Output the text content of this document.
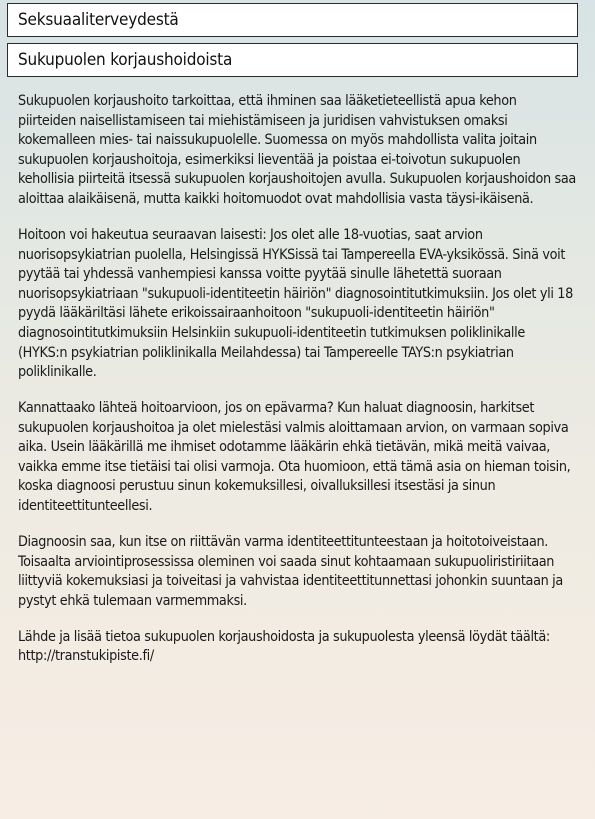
Seksuaaliterveydestä
Sukupuolen korjaushoidoista

Sukupuolen korjaushoito tarkoittaa, että ihminen saa lääketieteellistä apua kehon piirteiden naisellistamiseen tai miehistämiseen ja juridisen vahvistuksen omaksi kokemalleen mies- tai naissukupuolelle. Suomessa on myös mahdollista valita joitain sukupuolen korjaushoitoja, esimerkiksi lieventää ja poistaa ei-toivotun sukupuolen kehollisia piirteitä itsessä sukupuolen korjaushoitojen avulla. Sukupuolen korjaushoidon saa aloittaa alaikäisenä, mutta kaikki hoitomuodot ovat mahdollisia vasta täysi-ikäisenä.

Hoitoon voi hakeutua seuraavan laisesti: Jos olet alle 18-vuotias, saat arvion nuorisopsykiatrian puolella, Helsingissä HYKSissä tai Tampereella EVA-yksikössä. Sinä voit pyytää tai yhdessä vanhempiesi kanssa voitte pyytää sinulle lähetettä suoraan nuorisopsykiatriaan "sukupuoli-identiteetin häiriön" diagnosointitutkimuksiin. Jos olet yli 18 pyydä lääkäriltäsi lähete erikoissairaanhoitoon "sukupuoli-identiteetin häiriön" diagnosointitutkimuksiin Helsinkiin sukupuoli-identiteetin tutkimuksen poliklinikalle (HYKS:n psykiatrian poliklinikalla Meilahdessa) tai Tampereelle TAYS:n psykiatrian poliklinikalle.

Kannattaako lähteä hoitoarvioon, jos on epävarma? Kun haluat diagnoosin, harkitset sukupuolen korjaushoitoa ja olet mielestäsi valmis aloittamaan arvion, on varmaan sopiva aika. Usein lääkärillä me ihmiset odotamme lääkärin ehkä tietävän, mikä meitä vaivaa, vaikka emme itse tietäisi tai olisi varmoja. Ota huomioon, että tämä asia on hieman toisin, koska diagnoosi perustuu sinun kokemuksillesi, oivalluksillesi itsestäsi ja sinun identiteettitunteellesi.

Diagnoosin saa, kun itse on riittävän varma identiteettitunteestaan ja hoitotoiveistaan. Toisaalta arviointiprosessissa oleminen voi saada sinut kohtaamaan sukupuoliristiriitaan liittyviä kokemuksiasi ja toiveitasi ja vahvistaa identiteettitunnettasi johonkin suuntaan ja pystyt ehkä tulemaan varmemmaksi.

Lähde ja lisää tietoa sukupuolen korjaushoidosta ja sukupuolesta yleensä löydät täältä: http://transtukipiste.fi/
